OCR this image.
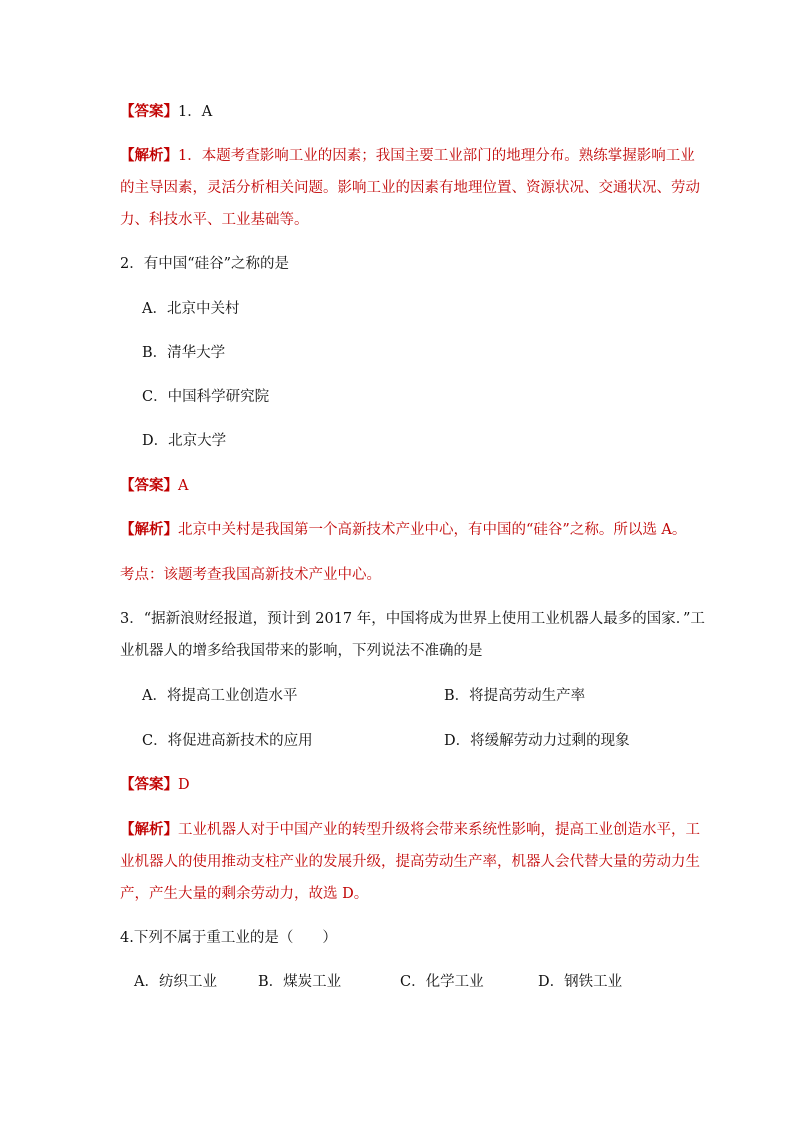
【答案】1．A
【解析】1．本题考查影响工业的因素；我国主要工业部门的地理分布。熟练掌握影响工业
的主导因素，灵活分析相关问题。影响工业的因素有地理位置、资源状况、交通状况、劳动
力、科技水平、工业基础等。
2．有中国“硅谷”之称的是
A．北京中关村
B．清华大学
C．中国科学研究院
D．北京大学
【答案】A
【解析】北京中关村是我国第一个高新技术产业中心，有中国的“硅谷”之称。所以选 A。
考点：该题考查我国高新技术产业中心。
3．“据新浪财经报道，预计到 2017 年，中国将成为世界上使用工业机器人最多的国家．”工
业机器人的增多给我国带来的影响，下列说法不准确的是
A．将提高工业创造水平	B．将提高劳动生产率
C．将促进高新技术的应用	D．将缓解劳动力过剩的现象
【答案】D
【解析】工业机器人对于中国产业的转型升级将会带来系统性影响，提高工业创造水平，工
业机器人的使用推动支柱产业的发展升级，提高劳动生产率，机器人会代替大量的劳动力生
产，产生大量的剩余劳动力，故选 D。
4.下列不属于重工业的是（　　）
A．纺织工业	B．煤炭工业	C．化学工业	D．钢铁工业
